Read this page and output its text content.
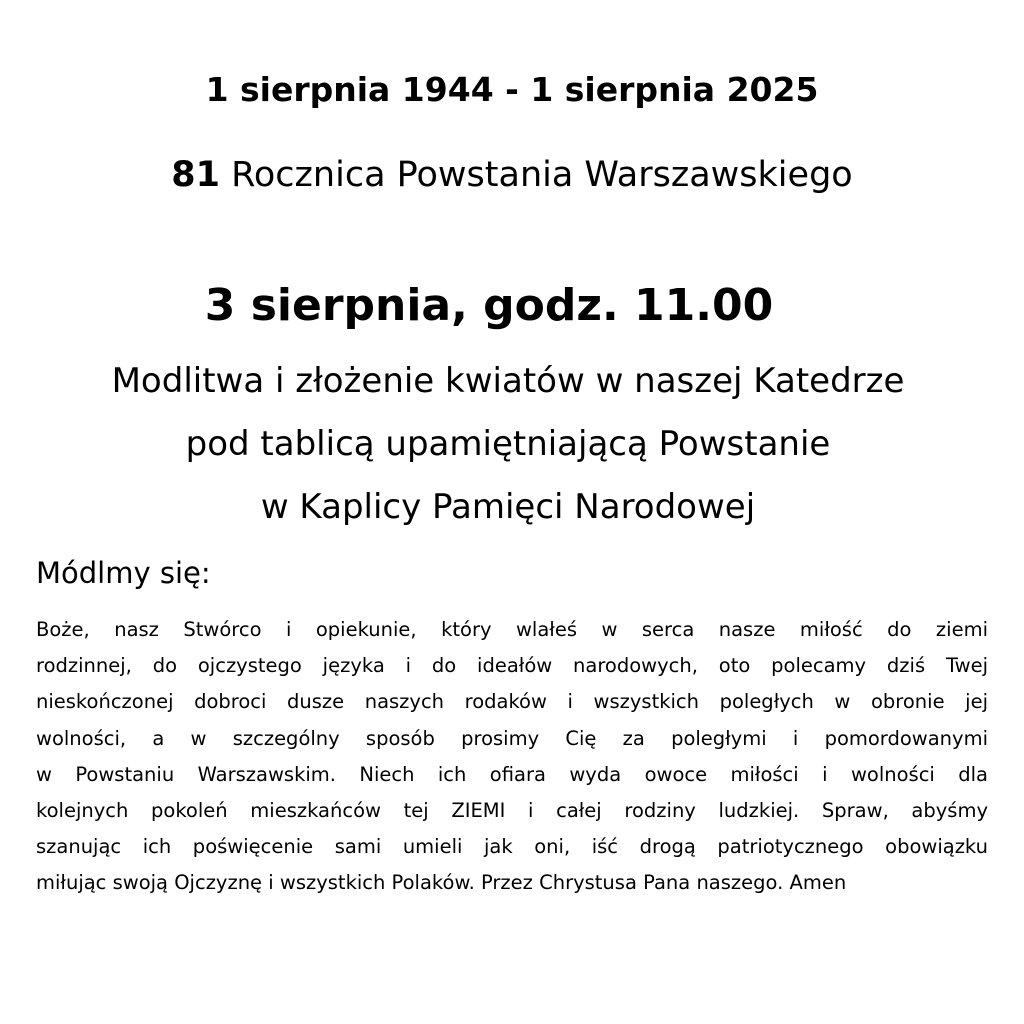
1 sierpnia 1944 - 1 sierpnia 2025
81 Rocznica Powstania Warszawskiego
3 sierpnia, godz. 11.00
Modlitwa i złożenie kwiatów w naszej Katedrze
pod tablicą upamiętniającą Powstanie
w Kaplicy Pamięci Narodowej
Módlmy się:
Boże, nasz Stwórco i opiekunie, który wlałeś w serca nasze miłość do ziemi
rodzinnej, do ojczystego języka i do ideałów narodowych, oto polecamy dziś Twej
nieskończonej dobroci dusze naszych rodaków i wszystkich poległych w obronie jej
wolności, a w szczególny sposób prosimy Cię za poległymi i pomordowanymi
w Powstaniu Warszawskim. Niech ich ofiara wyda owoce miłości i wolności dla
kolejnych pokoleń mieszkańców tej ZIEMI i całej rodziny ludzkiej. Spraw, abyśmy
szanując ich poświęcenie sami umieli jak oni, iść drogą patriotycznego obowiązku
miłując swoją Ojczyznę i wszystkich Polaków. Przez Chrystusa Pana naszego. Amen
